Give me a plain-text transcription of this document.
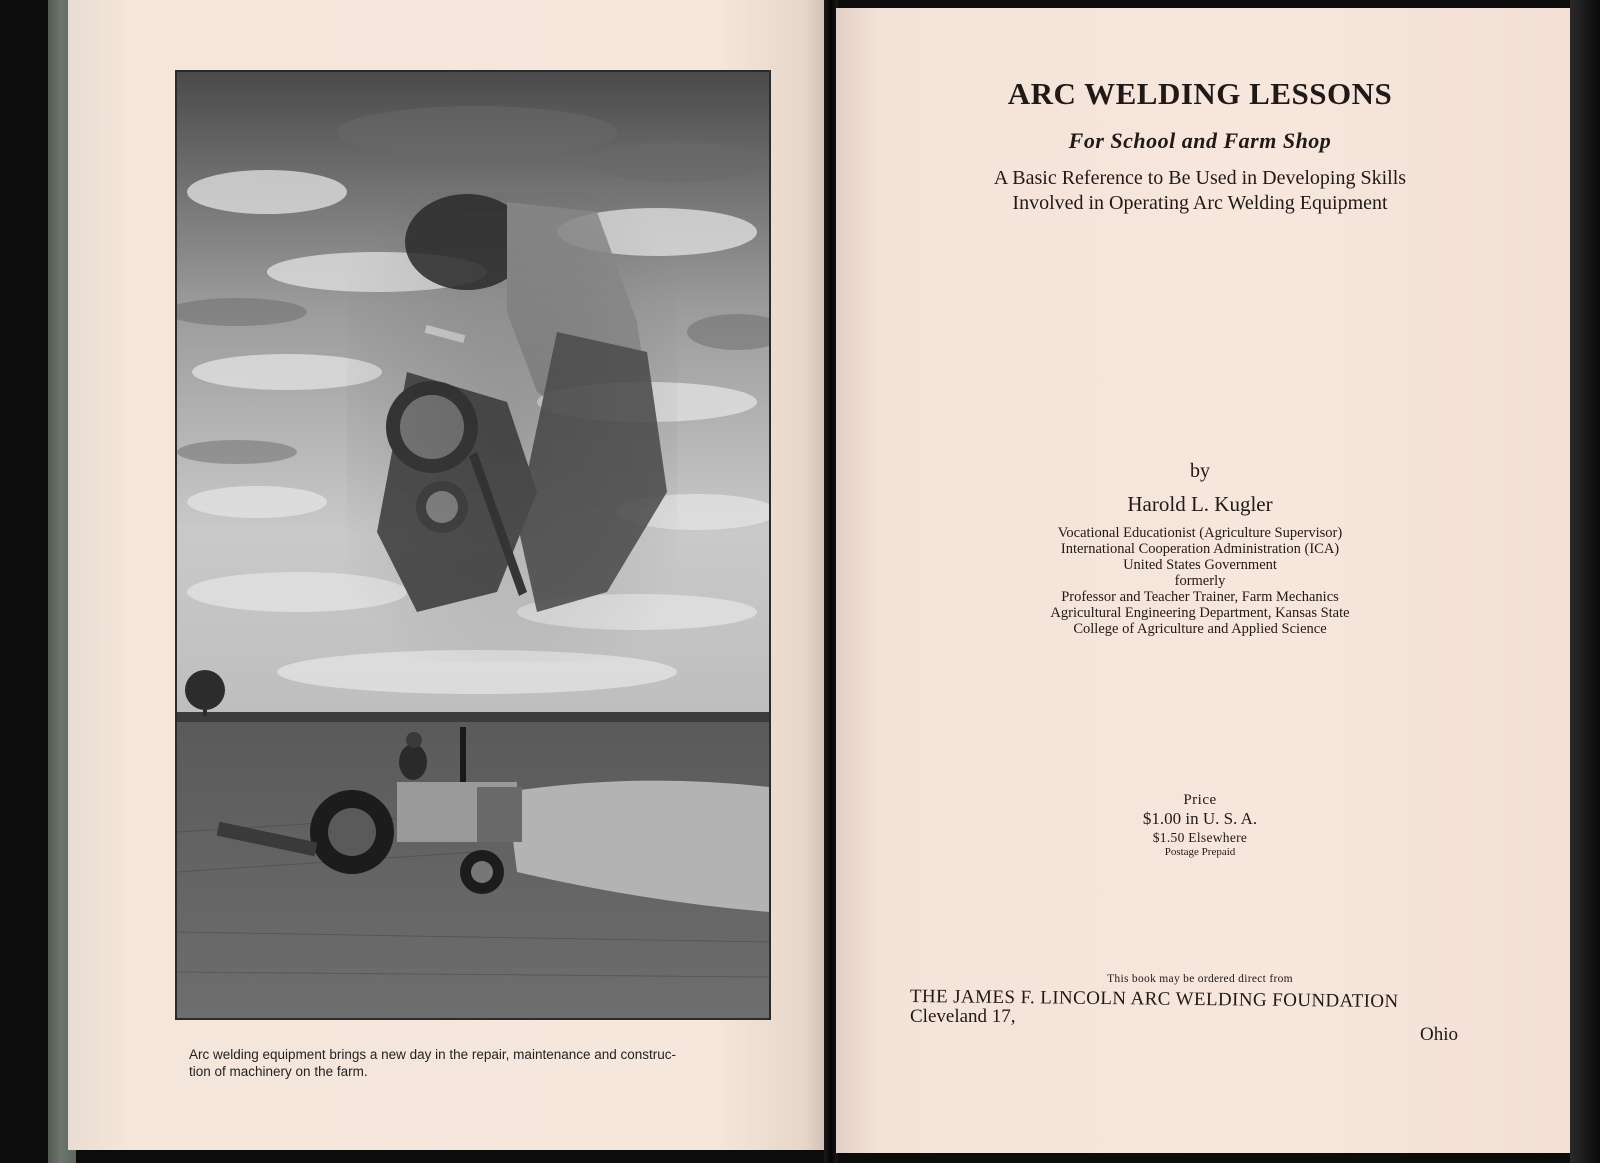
Arc welding equipment brings a new day in the repair, maintenance and construc-
tion of machinery on the farm.
ARC WELDING LESSONS
For School and Farm Shop
A Basic Reference to Be Used in Developing Skills
Involved in Operating Arc Welding Equipment
by
Harold L. Kugler
Vocational Educationist (Agriculture Supervisor)
International Cooperation Administration (ICA)
United States Government
formerly
Professor and Teacher Trainer, Farm Mechanics
Agricultural Engineering Department, Kansas State
College of Agriculture and Applied Science
Price
$1.00 in U. S. A.
$1.50 Elsewhere
Postage Prepaid
This book may be ordered direct from
THE JAMES F. LINCOLN ARC WELDING FOUNDATION
Cleveland 17,
Ohio
